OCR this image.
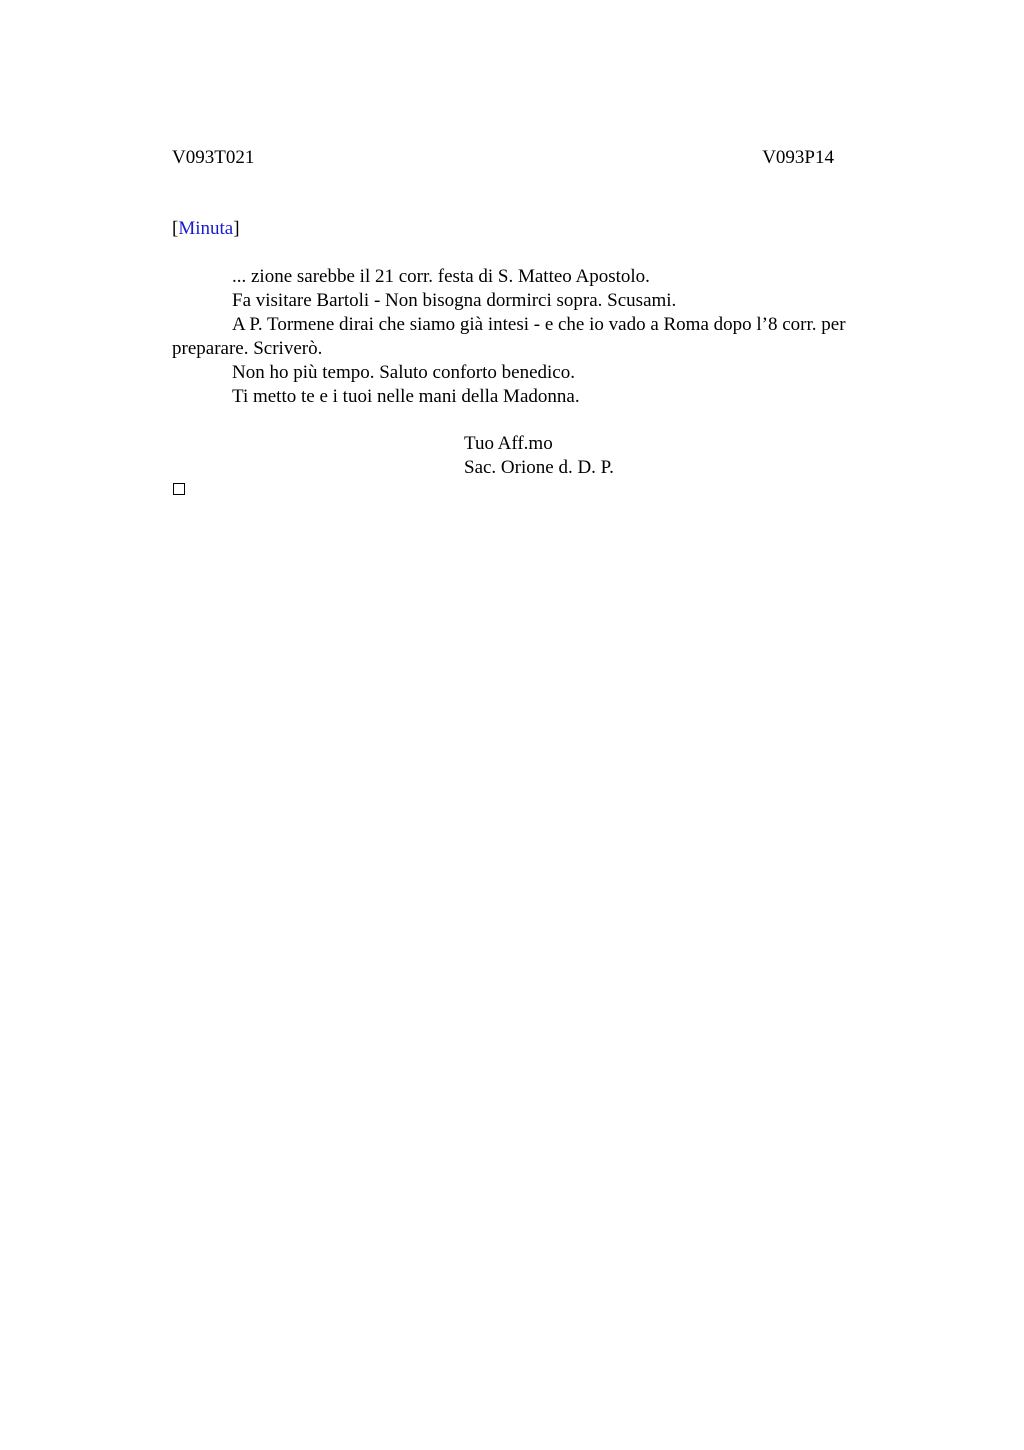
V093T021	V093P14
[Minuta]

... zione sarebbe il 21 corr. festa di S. Matteo Apostolo.

Fa visitare Bartoli - Non bisogna dormirci sopra. Scusami.

A P. Tormene dirai che siamo già intesi - e che io vado a Roma dopo l’8 corr. per preparare. Scriverò.

Non ho più tempo. Saluto conforto benedico.

Ti metto te e i tuoi nelle mani della Madonna.

Tuo Aff.mo
Sac. Orione d. D. P.
